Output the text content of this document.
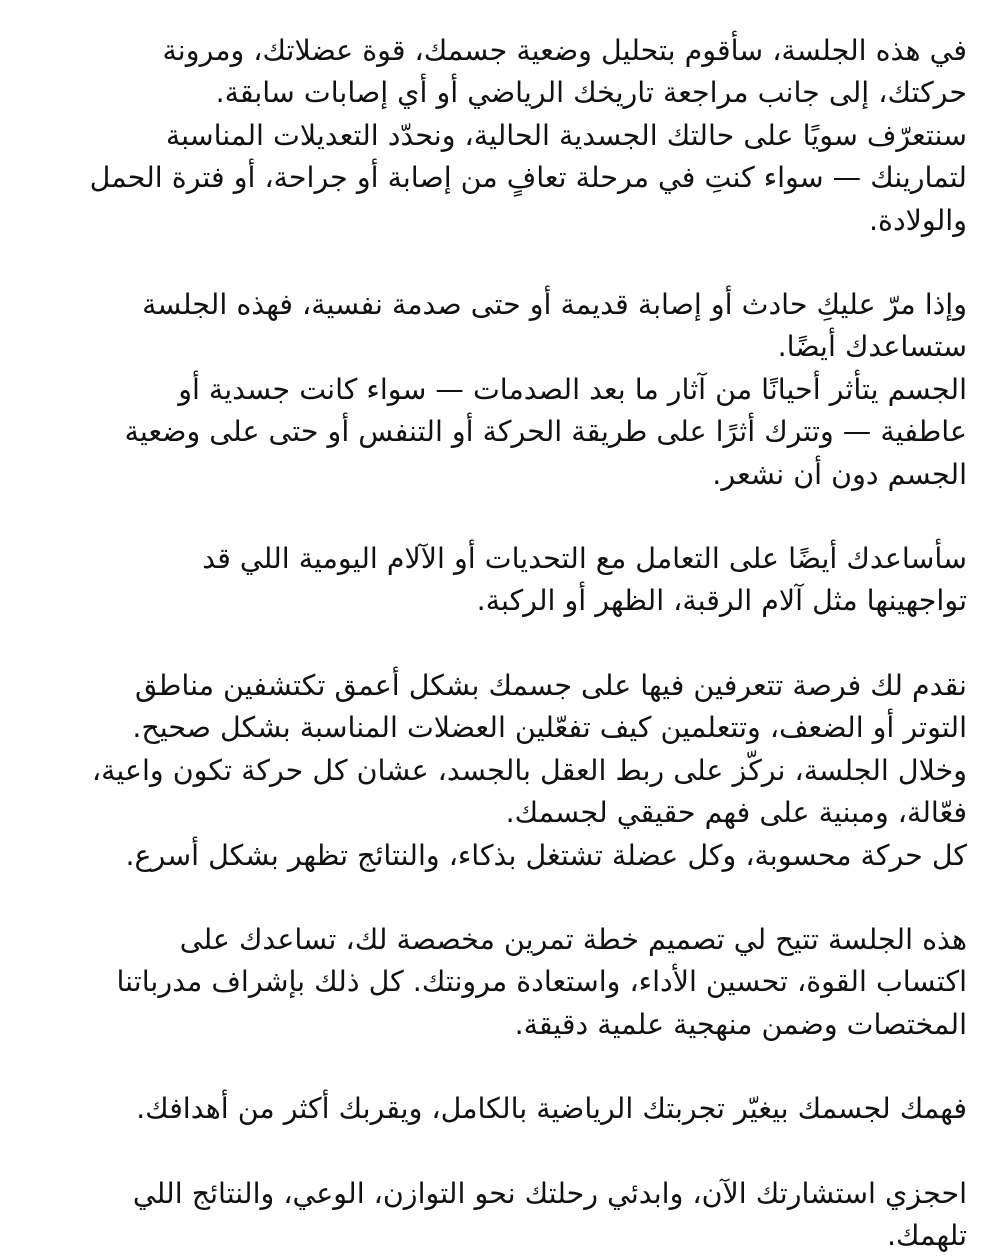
في هذه الجلسة، سأقوم بتحليل وضعية جسمك، قوة عضلاتك، ومرونة
حركتك، إلى جانب مراجعة تاريخك الرياضي أو أي إصابات سابقة.
سنتعرّف سويًا على حالتك الجسدية الحالية، ونحدّد التعديلات المناسبة
لتمارينك — سواء كنتِ في مرحلة تعافٍ من إصابة أو جراحة، أو فترة الحمل
والولادة.
وإذا مرّ عليكِ حادث أو إصابة قديمة أو حتى صدمة نفسية، فهذه الجلسة
ستساعدك أيضًا.
الجسم يتأثر أحيانًا من آثار ما بعد الصدمات — سواء كانت جسدية أو
عاطفية — وتترك أثرًا على طريقة الحركة أو التنفس أو حتى على وضعية
الجسم دون أن نشعر.
سأساعدك أيضًا على التعامل مع التحديات أو الآلام اليومية اللي قد
تواجهينها مثل آلام الرقبة، الظهر أو الركبة.
نقدم لك فرصة تتعرفين فيها على جسمك بشكل أعمق تكتشفين مناطق
التوتر أو الضعف، وتتعلمين كيف تفعّلين العضلات المناسبة بشكل صحيح.
وخلال الجلسة، نركّز على ربط العقل بالجسد، عشان كل حركة تكون واعية،
فعّالة، ومبنية على فهم حقيقي لجسمك.
كل حركة محسوبة، وكل عضلة تشتغل بذكاء، والنتائج تظهر بشكل أسرع.
هذه الجلسة تتيح لي تصميم خطة تمرين مخصصة لك، تساعدك على
اكتساب القوة، تحسين الأداء، واستعادة مرونتك. كل ذلك بإشراف مدرباتنا
المختصات وضمن منهجية علمية دقيقة.
فهمك لجسمك بيغيّر تجربتك الرياضية بالكامل، ويقربك أكثر من أهدافك.
احجزي استشارتك الآن، وابدئي رحلتك نحو التوازن، الوعي، والنتائج اللي
تلهمك.
